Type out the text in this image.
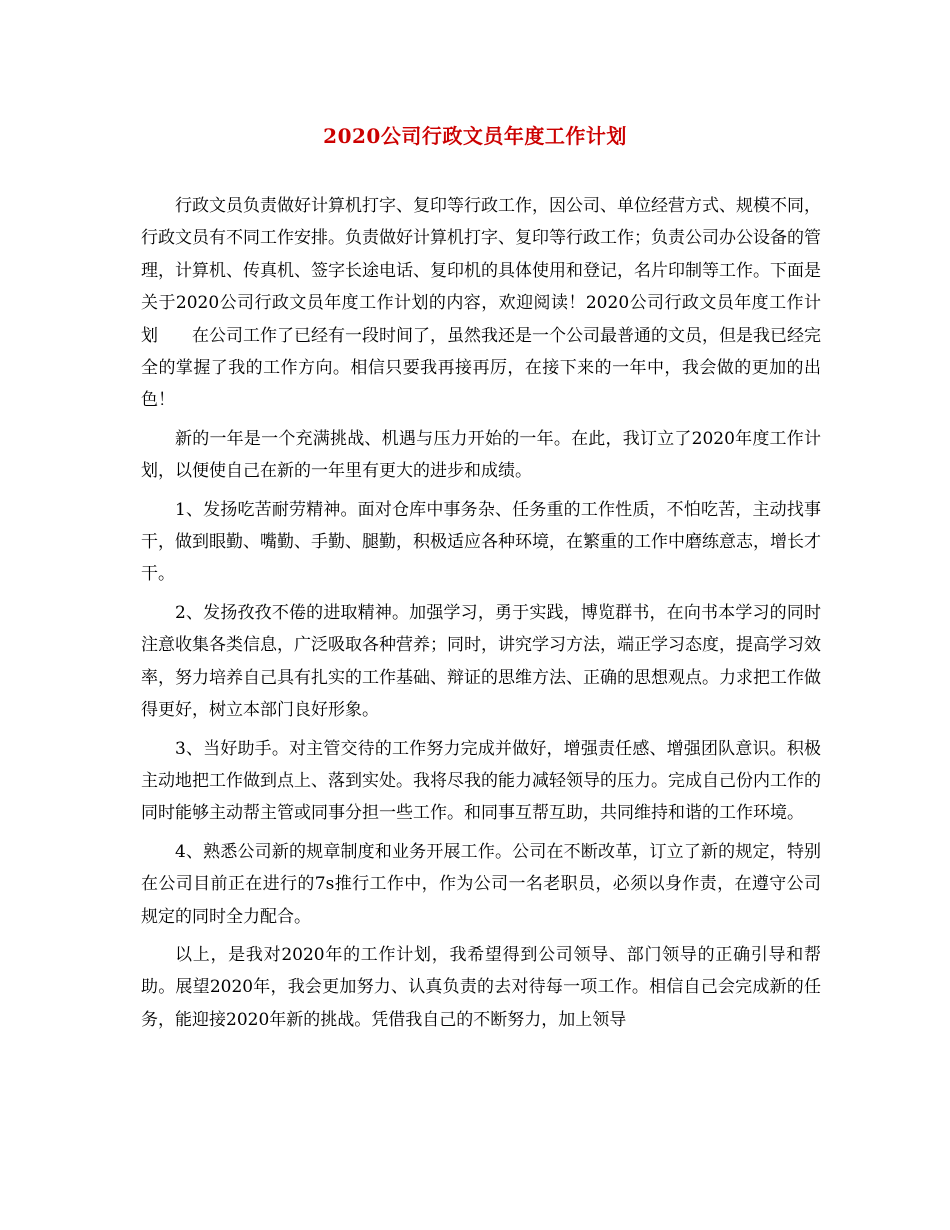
2020公司行政文员年度工作计划

行政文员负责做好计算机打字、复印等行政工作，因公司、单位经营方式、规模不同，行政文员有不同工作安排。负责做好计算机打字、复印等行政工作；负责公司办公设备的管理，计算机、传真机、签字长途电话、复印机的具体使用和登记，名片印制等工作。下面是关于2020公司行政文员年度工作计划的内容，欢迎阅读！2020公司行政文员年度工作计划　　在公司工作了已经有一段时间了，虽然我还是一个公司最普通的文员，但是我已经完全的掌握了我的工作方向。相信只要我再接再厉，在接下来的一年中，我会做的更加的出色！

新的一年是一个充满挑战、机遇与压力开始的一年。在此，我订立了2020年度工作计划，以便使自己在新的一年里有更大的进步和成绩。

1、发扬吃苦耐劳精神。面对仓库中事务杂、任务重的工作性质，不怕吃苦，主动找事干，做到眼勤、嘴勤、手勤、腿勤，积极适应各种环境，在繁重的工作中磨练意志，增长才干。

2、发扬孜孜不倦的进取精神。加强学习，勇于实践，博览群书，在向书本学习的同时注意收集各类信息，广泛吸取各种营养；同时，讲究学习方法，端正学习态度，提高学习效率，努力培养自己具有扎实的工作基础、辩证的思维方法、正确的思想观点。力求把工作做得更好，树立本部门良好形象。

3、当好助手。对主管交待的工作努力完成并做好，增强责任感、增强团队意识。积极主动地把工作做到点上、落到实处。我将尽我的能力减轻领导的压力。完成自己份内工作的同时能够主动帮主管或同事分担一些工作。和同事互帮互助，共同维持和谐的工作环境。

4、熟悉公司新的规章制度和业务开展工作。公司在不断改革，订立了新的规定，特别在公司目前正在进行的7s推行工作中，作为公司一名老职员，必须以身作责，在遵守公司规定的同时全力配合。

以上，是我对2020年的工作计划，我希望得到公司领导、部门领导的正确引导和帮助。展望2020年，我会更加努力、认真负责的去对待每一项工作。相信自己会完成新的任务，能迎接2020年新的挑战。凭借我自己的不断努力，加上领导
